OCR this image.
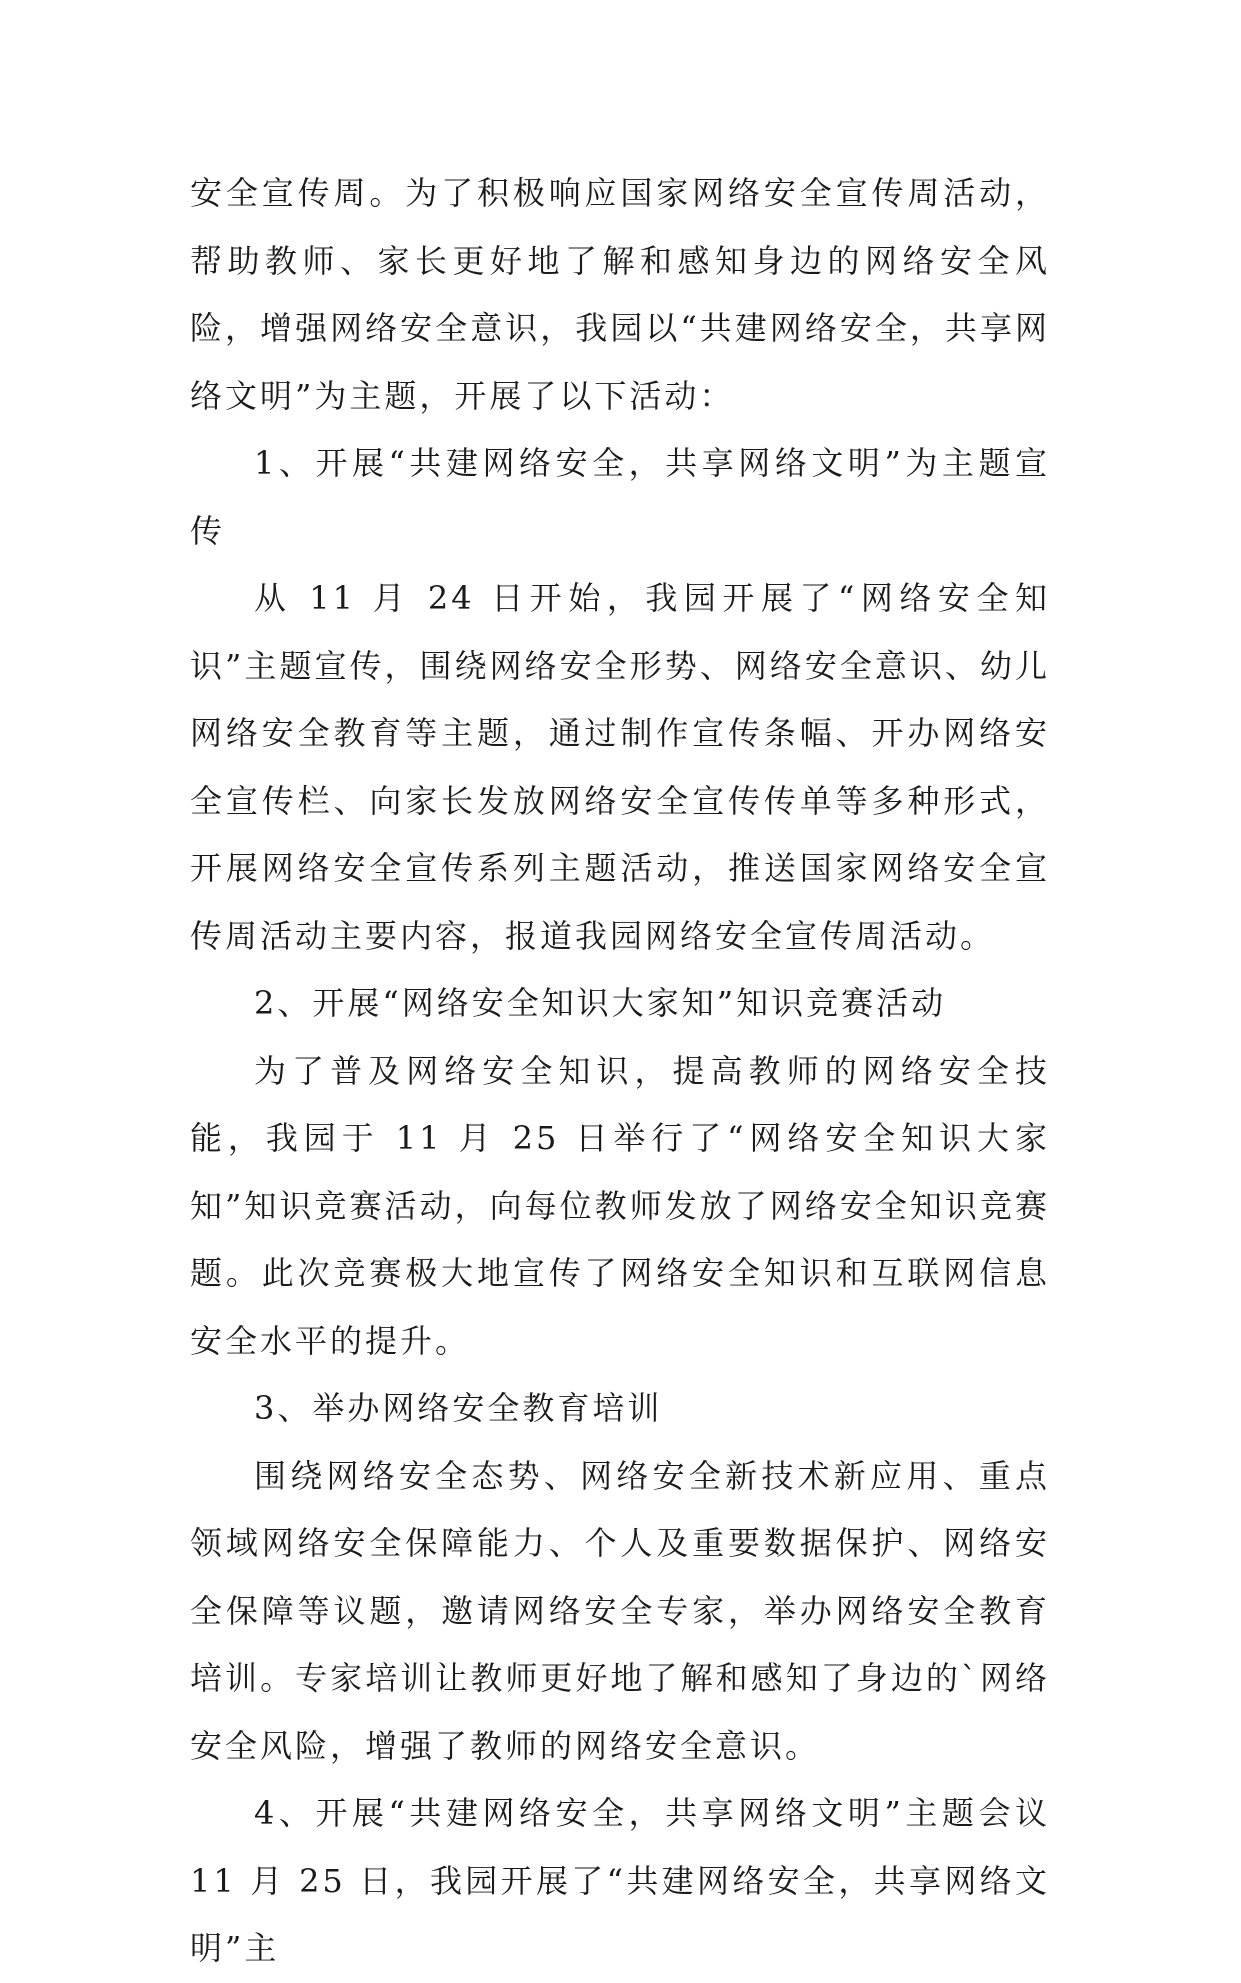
安全宣传周。为了积极响应国家网络安全宣传周活动，帮助教师、家长更好地了解和感知身边的网络安全风险，增强网络安全意识，我园以“共建网络安全，共享网络文明”为主题，开展了以下活动：

1、开展“共建网络安全，共享网络文明”为主题宣传

从 11 月 24 日开始，我园开展了“网络安全知识”主题宣传，围绕网络安全形势、网络安全意识、幼儿网络安全教育等主题，通过制作宣传条幅、开办网络安全宣传栏、向家长发放网络安全宣传传单等多种形式，开展网络安全宣传系列主题活动，推送国家网络安全宣传周活动主要内容，报道我园网络安全宣传周活动。

2、开展“网络安全知识大家知”知识竞赛活动

为了普及网络安全知识，提高教师的网络安全技能，我园于 11 月 25 日举行了“网络安全知识大家知”知识竞赛活动，向每位教师发放了网络安全知识竞赛题。此次竞赛极大地宣传了网络安全知识和互联网信息安全水平的提升。

3、举办网络安全教育培训

围绕网络安全态势、网络安全新技术新应用、重点领域网络安全保障能力、个人及重要数据保护、网络安全保障等议题，邀请网络安全专家，举办网络安全教育培训。专家培训让教师更好地了解和感知了身边的`网络安全风险，增强了教师的网络安全意识。

4、开展“共建网络安全，共享网络文明”主题会议 11 月 25 日，我园开展了“共建网络安全，共享网络文明”主
